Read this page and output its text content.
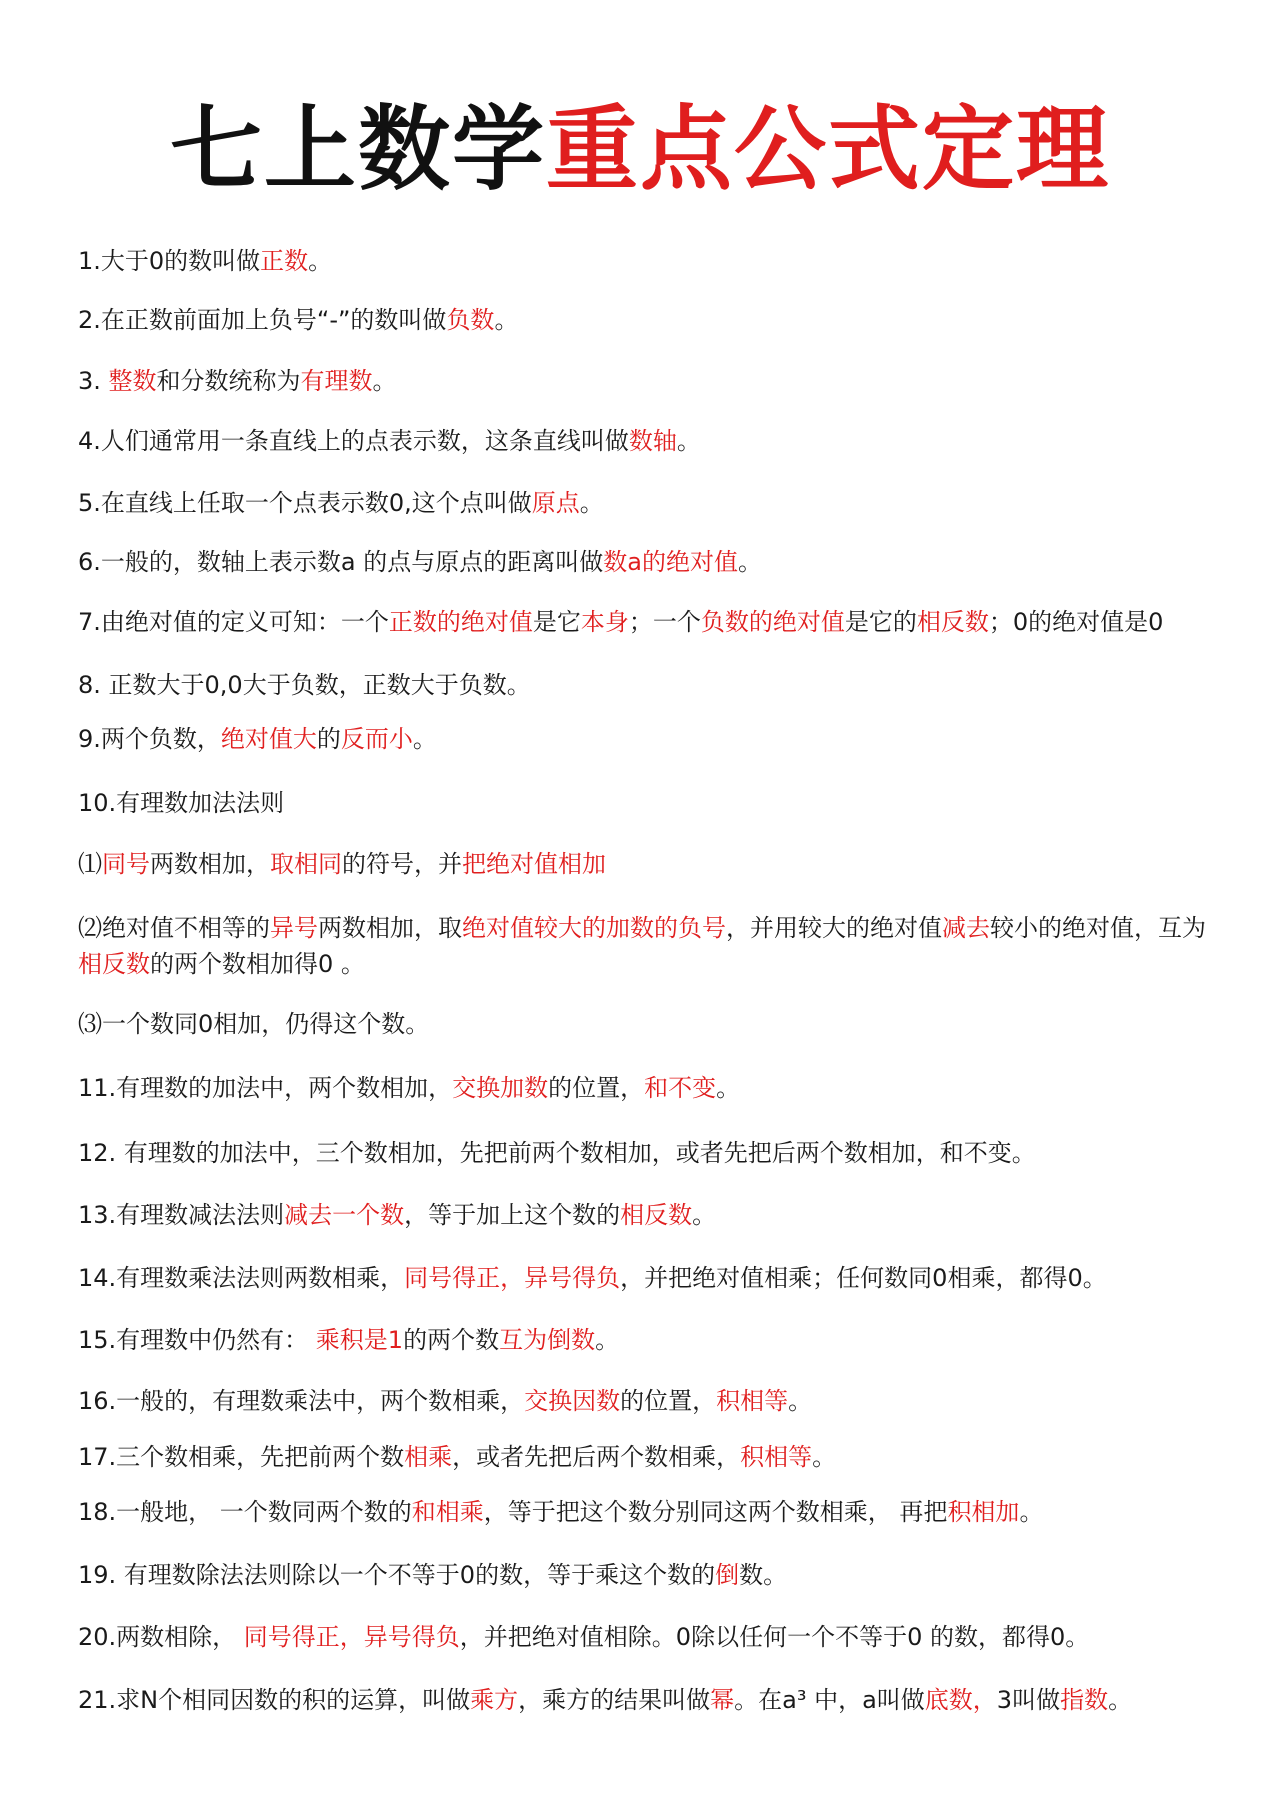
七上数学重点公式定理
1.大于0的数叫做正数。
2.在正数前面加上负号“-”的数叫做负数。
3. 整数和分数统称为有理数。
4.人们通常用一条直线上的点表示数，这条直线叫做数轴。
5.在直线上任取一个点表示数0,这个点叫做原点。
6.一般的，数轴上表示数a 的点与原点的距离叫做数a的绝对值。
7.由绝对值的定义可知：一个正数的绝对值是它本身；一个负数的绝对值是它的相反数；0的绝对值是0
8. 正数大于0,0大于负数，正数大于负数。
9.两个负数，绝对值大的反而小。
10.有理数加法法则
⑴同号两数相加，取相同的符号，并把绝对值相加
⑵绝对值不相等的异号两数相加，取绝对值较大的加数的负号，并用较大的绝对值减去较小的绝对值，互为相反数的两个数相加得0 。
⑶一个数同0相加，仍得这个数。
11.有理数的加法中，两个数相加，交换加数的位置，和不变。
12. 有理数的加法中，三个数相加，先把前两个数相加，或者先把后两个数相加，和不变。
13.有理数减法法则减去一个数，等于加上这个数的相反数。
14.有理数乘法法则两数相乘，同号得正，异号得负，并把绝对值相乘；任何数同0相乘，都得0。
15.有理数中仍然有： 乘积是1的两个数互为倒数。
16.一般的，有理数乘法中，两个数相乘，交换因数的位置，积相等。
17.三个数相乘，先把前两个数相乘，或者先把后两个数相乘，积相等。
18.一般地， 一个数同两个数的和相乘，等于把这个数分别同这两个数相乘， 再把积相加。
19. 有理数除法法则除以一个不等于0的数，等于乘这个数的倒数。
20.两数相除， 同号得正，异号得负，并把绝对值相除。0除以任何一个不等于0 的数，都得0。
21.求N个相同因数的积的运算，叫做乘方，乘方的结果叫做幂。在a³ 中，a叫做底数，3叫做指数。
